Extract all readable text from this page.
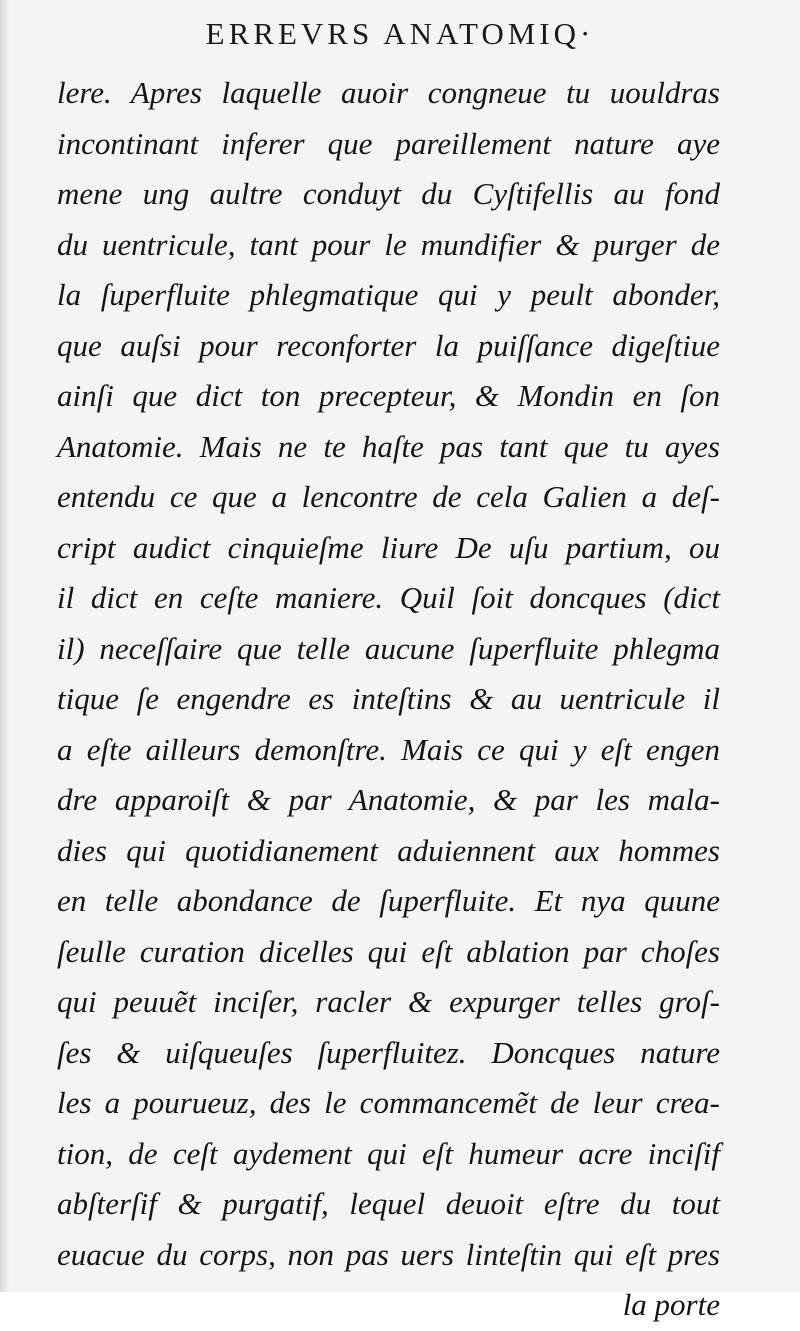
ERREVRS ANATOMIQ·
lere. Apres laquelle auoir congneue tu uouldras
incontinant inferer que pareillement nature aye
mene ung aultre conduyt du Cyſtifellis au fond
du uentricule, tant pour le mundifier & purger de
la ſuperfluite phlegmatique qui y peult abonder,
que auſsi pour reconforter la puiſſance digeſtiue
ainſi que dict ton precepteur, & Mondin en ſon
Anatomie. Mais ne te haſte pas tant que tu ayes
entendu ce que a lencontre de cela Galien a deſ-
cript audict cinquieſme liure De uſu partium, ou
il dict en ceſte maniere. Quil ſoit doncques (dict
il) neceſſaire que telle aucune ſuperfluite phlegma
tique ſe engendre es inteſtins & au uentricule il
a eſte ailleurs demonſtre. Mais ce qui y eſt engen
dre apparoiſt & par Anatomie, & par les mala-
dies qui quotidianement aduiennent aux hommes
en telle abondance de ſuperfluite. Et nya quune
ſeulle curation dicelles qui eſt ablation par choſes
qui peuuẽt inciſer, racler & expurger telles groſ-
ſes & uiſqueuſes ſuperfluitez. Doncques nature
les a pourueuz, des le commancemẽt de leur crea-
tion, de ceſt aydement qui eſt humeur acre inciſif
abſterſif & purgatif, lequel deuoit eſtre du tout
euacue du corps, non pas uers linteſtin qui eſt pres
la porte
